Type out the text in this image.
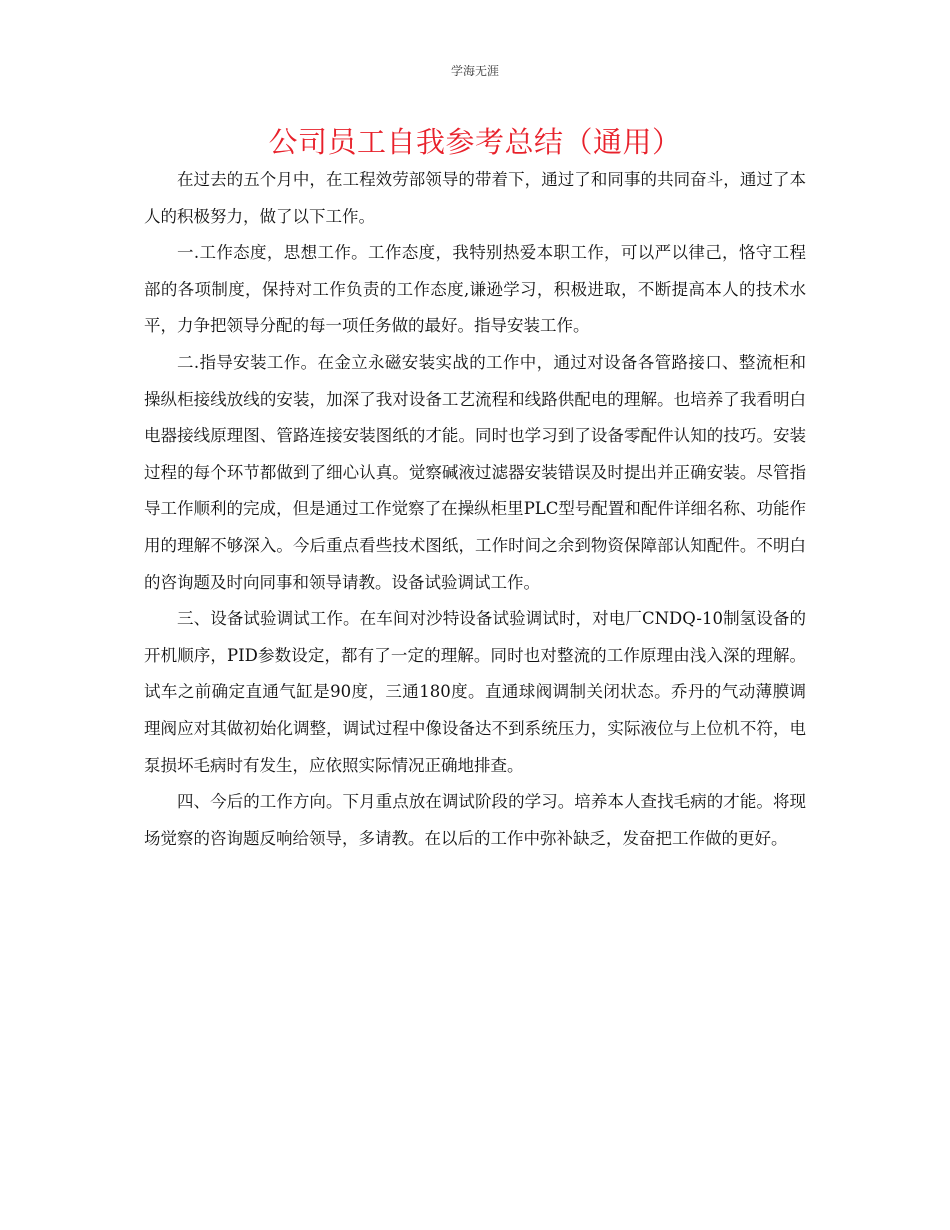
学海无涯
公司员工自我参考总结（通用）

在过去的五个月中，在工程效劳部领导的带着下，通过了和同事的共同奋斗，通过了本人的积极努力，做了以下工作。

一.工作态度，思想工作。工作态度，我特别热爱本职工作，可以严以律己，恪守工程部的各项制度，保持对工作负责的工作态度,谦逊学习，积极进取，不断提高本人的技术水平，力争把领导分配的每一项任务做的最好。指导安装工作。

二.指导安装工作。在金立永磁安装实战的工作中，通过对设备各管路接口、整流柜和操纵柜接线放线的安装，加深了我对设备工艺流程和线路供配电的理解。也培养了我看明白电器接线原理图、管路连接安装图纸的才能。同时也学习到了设备零配件认知的技巧。安装过程的每个环节都做到了细心认真。觉察碱液过滤器安装错误及时提出并正确安装。尽管指导工作顺利的完成，但是通过工作觉察了在操纵柜里PLC型号配置和配件详细名称、功能作用的理解不够深入。今后重点看些技术图纸，工作时间之余到物资保障部认知配件。不明白的咨询题及时向同事和领导请教。设备试验调试工作。

三、设备试验调试工作。在车间对沙特设备试验调试时，对电厂CNDQ-10制氢设备的开机顺序，PID参数设定，都有了一定的理解。同时也对整流的工作原理由浅入深的理解。试车之前确定直通气缸是90度，三通180度。直通球阀调制关闭状态。乔丹的气动薄膜调理阀应对其做初始化调整，调试过程中像设备达不到系统压力，实际液位与上位机不符，电泵损坏毛病时有发生，应依照实际情况正确地排查。

四、今后的工作方向。下月重点放在调试阶段的学习。培养本人查找毛病的才能。将现场觉察的咨询题反响给领导，多请教。在以后的工作中弥补缺乏，发奋把工作做的更好。
